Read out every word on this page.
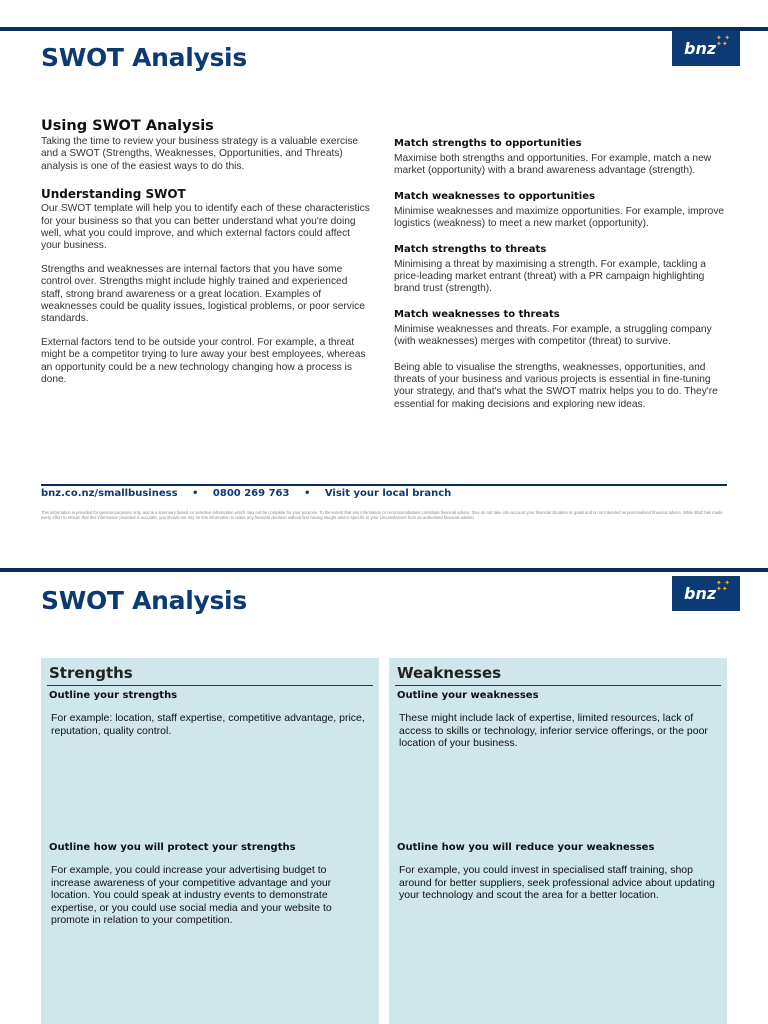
SWOT Analysis	bnz
✦ ✦
✦✦
Using SWOT Analysis

Taking the time to review your business strategy is a valuable exercise and a SWOT (Strengths, Weaknesses, Opportunities, and Threats) analysis is one of the easiest ways to do this.

Understanding SWOT

Our SWOT template will help you to identify each of these characteristics for your business so that you can better understand what you're doing well, what you could improve, and which external factors could affect your business.

Strengths and weaknesses are internal factors that you have some control over. Strengths might include highly trained and experienced staff, strong brand awareness or a great location. Examples of weaknesses could be quality issues, logistical problems, or poor service standards.

External factors tend to be outside your control. For example, a threat might be a competitor trying to lure away your best employees, whereas an opportunity could be a new technology changing how a process is done.

Match strengths to opportunities

Maximise both strengths and opportunities. For example, match a new market (opportunity) with a brand awareness advantage (strength).

Match weaknesses to opportunities

Minimise weaknesses and maximize opportunities. For example, improve logistics (weakness) to meet a new market (opportunity).

Match strengths to threats

Minimising a threat by maximising a strength. For example, tackling a price-leading market entrant (threat) with a PR campaign highlighting brand trust (strength).

Match weaknesses to threats

Minimise weaknesses and threats. For example, a struggling company (with weaknesses) merges with competitor (threat) to survive.

Being able to visualise the strengths, weaknesses, opportunities, and threats of your business and various projects is essential in fine-tuning your strategy, and that's what the SWOT matrix helps you to do. They're essential for making decisions and exploring new ideas.

bnz.co.nz/smallbusiness • 0800 269 763 • Visit your local branch
This information is provided for general purposes only, and is a summary based on selective information which may not be complete for your purpose. To the extent that any information or recommendations constitute financial advice, they do not take into account your financial situation or goals and is not intended as personalised financial advice. While BNZ has made every effort to ensure that this information provided is accurate, you should not rely on this information to make any financial decision without first having sought advice specific to your circumstances from an authorised financial adviser.
SWOT Analysis	bnz
✦ ✦
✦✦
Strengths
Outline your strengths
For example: location, staff expertise, competitive advantage, price, reputation, quality control.
Outline how you will protect your strengths
For example, you could increase your advertising budget to increase awareness of your competitive advantage and your location. You could speak at industry events to demonstrate expertise, or you could use social media and your website to promote in relation to your competition.
Weaknesses
Outline your weaknesses
These might include lack of expertise, limited resources, lack of access to skills or technology, inferior service offerings, or the poor location of your business.
Outline how you will reduce your weaknesses
For example, you could invest in specialised staff training, shop around for better suppliers, seek professional advice about updating your technology and scout the area for a better location.
